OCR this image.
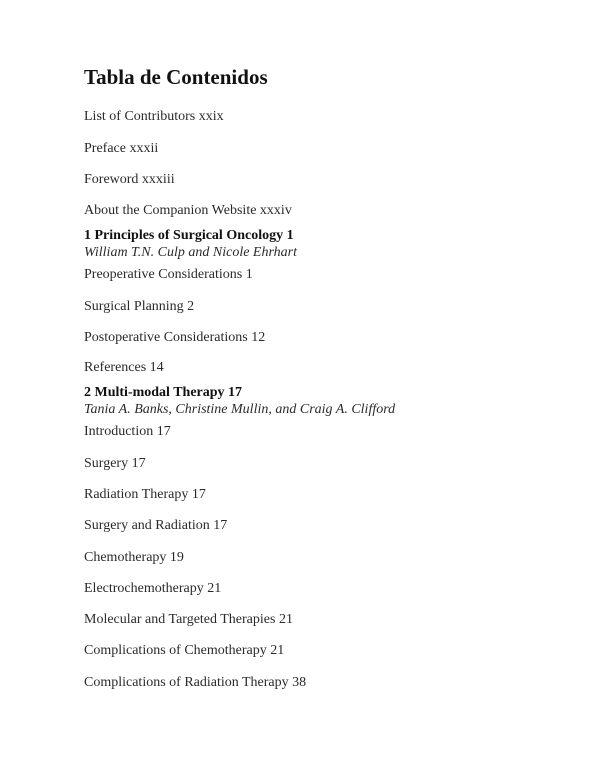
Tabla de Contenidos
List of Contributors xxix
Preface xxxii
Foreword xxxiii
About the Companion Website xxxiv
1 Principles of Surgical Oncology 1
William T.N. Culp and Nicole Ehrhart
Preoperative Considerations 1
Surgical Planning 2
Postoperative Considerations 12
References 14
2 Multi-modal Therapy 17
Tania A. Banks, Christine Mullin, and Craig A. Clifford
Introduction 17
Surgery 17
Radiation Therapy 17
Surgery and Radiation 17
Chemotherapy 19
Electrochemotherapy 21
Molecular and Targeted Therapies 21
Complications of Chemotherapy 21
Complications of Radiation Therapy 38
